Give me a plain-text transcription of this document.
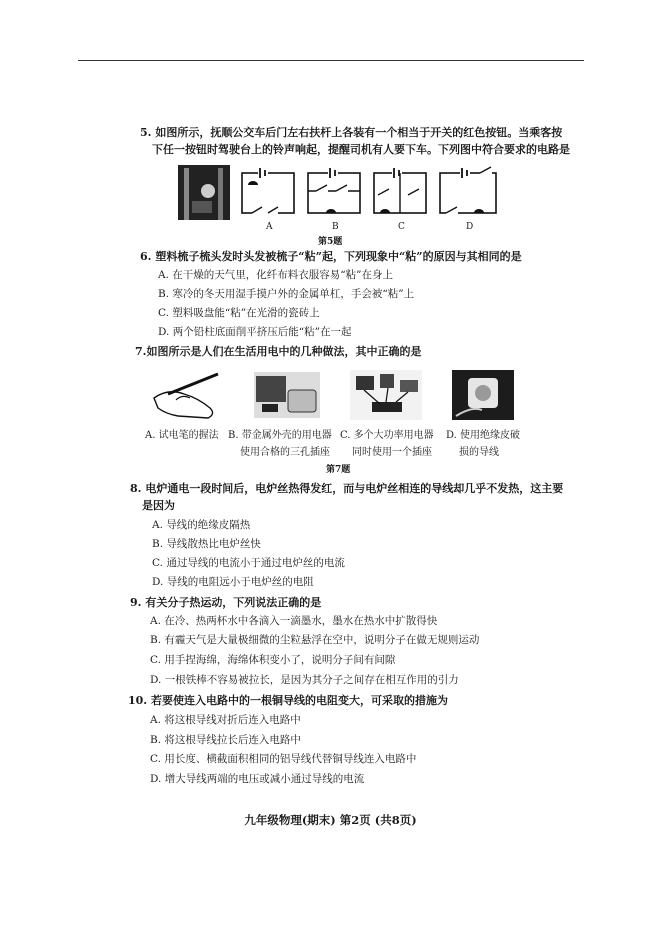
5. 如图所示，抚顺公交车后门左右扶杆上各装有一个相当于开关的红色按钮。当乘客按
下任一按钮时驾驶台上的铃声响起，提醒司机有人要下车。下列图中符合要求的电路是
A	B	C	D
第5题
6. 塑料梳子梳头发时头发被梳子“粘”起，下列现象中“粘”的原因与其相同的是
A. 在干燥的天气里，化纤布料衣服容易“粘”在身上
B. 寒冷的冬天用湿手摸户外的金属单杠，手会被“粘”上
C. 塑料吸盘能“粘”在光滑的瓷砖上
D. 两个铅柱底面削平挤压后能“粘”在一起
7.如图所示是人们在生活用电中的几种做法，其中正确的是
A. 试电笔的握法 B. 带金属外壳的用电器
使用合格的三孔插座
C. 多个大功率用电器
同时使用一个插座
D. 使用绝缘皮破
损的导线
第7题
8. 电炉通电一段时间后，电炉丝热得发红，而与电炉丝相连的导线却几乎不发热，这主要
是因为
A. 导线的绝缘皮隔热
B. 导线散热比电炉丝快
C. 通过导线的电流小于通过电炉丝的电流
D. 导线的电阻远小于电炉丝的电阻
9. 有关分子热运动，下列说法正确的是
A. 在冷、热两杯水中各滴入一滴墨水，墨水在热水中扩散得快
B. 有霾天气是大量极细微的尘粒悬浮在空中，说明分子在做无规则运动
C. 用手捏海绵，海绵体积变小了，说明分子间有间隙
D. 一根铁棒不容易被拉长，是因为其分子之间存在相互作用的引力
10. 若要使连入电路中的一根铜导线的电阻变大，可采取的措施为
A. 将这根导线对折后连入电路中
B. 将这根导线拉长后连入电路中
C. 用长度、横截面积相同的铝导线代替铜导线连入电路中
D. 增大导线两端的电压或减小通过导线的电流
九年级物理(期末) 第2页 (共8页)
